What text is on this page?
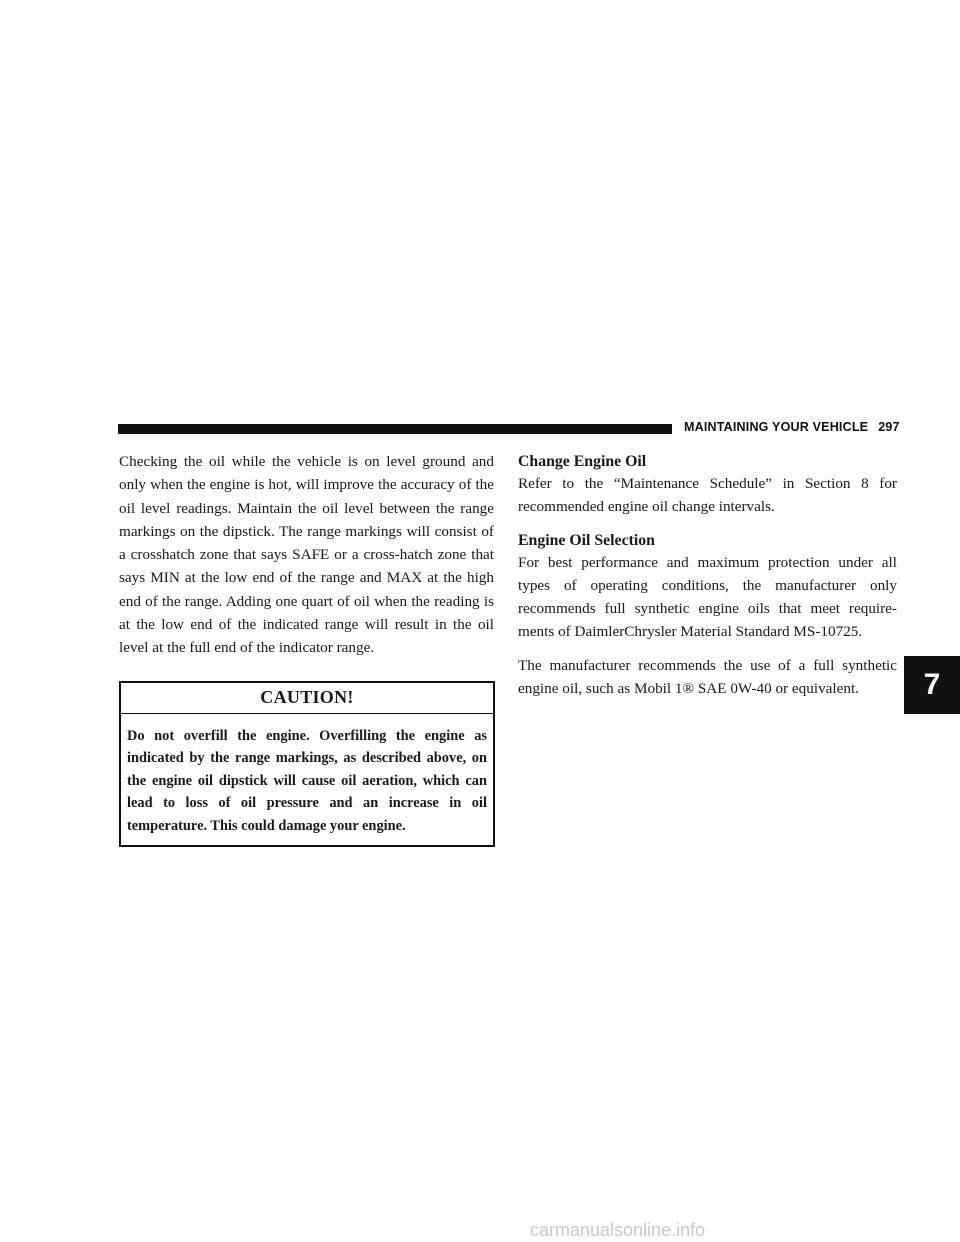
MAINTAINING YOUR VEHICLE 297

Checking the oil while the vehicle is on level ground and only when the engine is hot, will improve the accuracy of the oil level readings. Maintain the oil level between the range markings on the dipstick. The range markings will consist of a crosshatch zone that says SAFE or a cross-hatch zone that says MIN at the low end of the range and MAX at the high end of the range. Adding one quart of oil when the reading is at the low end of the indicated range will result in the oil level at the full end of the indicator range.

CAUTION!

Do not overfill the engine. Overfilling the engine as indicated by the range markings, as described above, on the engine oil dipstick will cause oil aeration, which can lead to loss of oil pressure and an increase in oil temperature. This could damage your engine.

Change Engine Oil

Refer to the “Maintenance Schedule” in Section 8 for recommended engine oil change intervals.

Engine Oil Selection

For best performance and maximum protection under all types of operating conditions, the manufacturer only recommends full synthetic engine oils that meet require-ments of DaimlerChrysler Material Standard MS-10725.

The manufacturer recommends the use of a full synthetic engine oil, such as Mobil 1® SAE 0W-40 or equivalent.	7
carmanualsonline.info
